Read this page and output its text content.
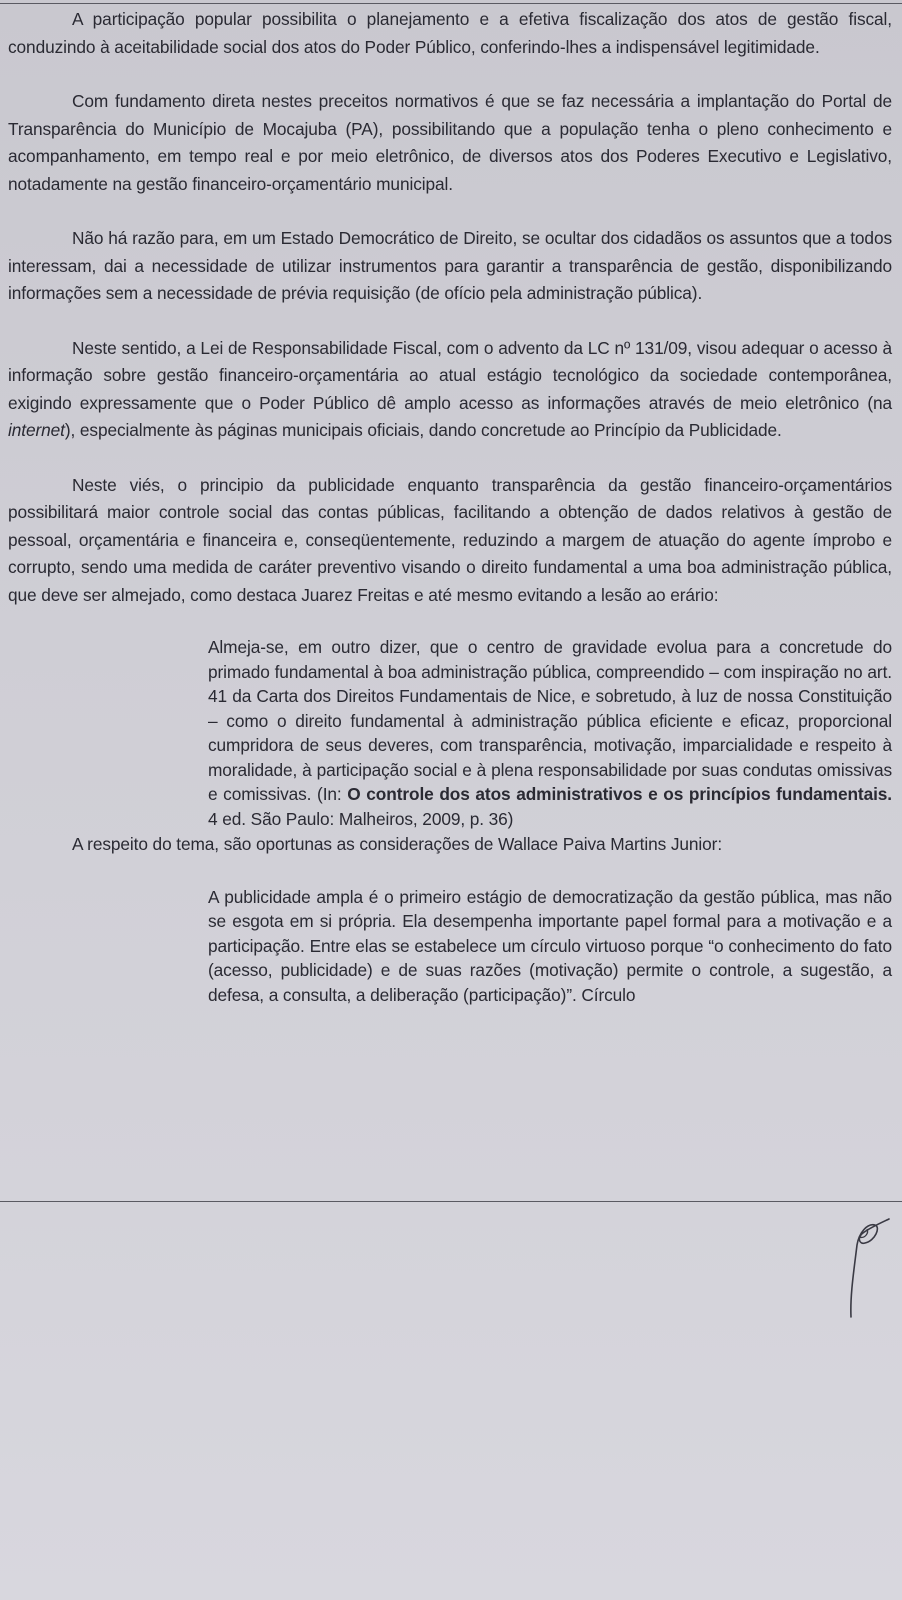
A participação popular possibilita o planejamento e a efetiva fiscalização dos atos de gestão fiscal, conduzindo à aceitabilidade social dos atos do Poder Público, conferindo-lhes a indispensável legitimidade.

Com fundamento direta nestes preceitos normativos é que se faz necessária a implantação do Portal de Transparência do Município de Mocajuba (PA), possibilitando que a população tenha o pleno conhecimento e acompanhamento, em tempo real e por meio eletrônico, de diversos atos dos Poderes Executivo e Legislativo, notadamente na gestão financeiro-orçamentário municipal.

Não há razão para, em um Estado Democrático de Direito, se ocultar dos cidadãos os assuntos que a todos interessam, dai a necessidade de utilizar instrumentos para garantir a transparência de gestão, disponibilizando informações sem a necessidade de prévia requisição (de ofício pela administração pública).

Neste sentido, a Lei de Responsabilidade Fiscal, com o advento da LC nº 131/09, visou adequar o acesso à informação sobre gestão financeiro-orçamentária ao atual estágio tecnológico da sociedade contemporânea, exigindo expressamente que o Poder Público dê amplo acesso as informações através de meio eletrônico (na internet), especialmente às páginas municipais oficiais, dando concretude ao Princípio da Publicidade.

Neste viés, o principio da publicidade enquanto transparência da gestão financeiro-orçamentários possibilitará maior controle social das contas públicas, facilitando a obtenção de dados relativos à gestão de pessoal, orçamentária e financeira e, conseqüentemente, reduzindo a margem de atuação do agente ímprobo e corrupto, sendo uma medida de caráter preventivo visando o direito fundamental a uma boa administração pública, que deve ser almejado, como destaca Juarez Freitas e até mesmo evitando a lesão ao erário:

Almeja-se, em outro dizer, que o centro de gravidade evolua para a concretude do primado fundamental à boa administração pública, compreendido – com inspiração no art. 41 da Carta dos Direitos Fundamentais de Nice, e sobretudo, à luz de nossa Constituição – como o direito fundamental à administração pública eficiente e eficaz, proporcional cumpridora de seus deveres, com transparência, motivação, imparcialidade e respeito à moralidade, à participação social e à plena responsabilidade por suas condutas omissivas e comissivas. (In: O controle dos atos administrativos e os princípios fundamentais. 4 ed. São Paulo: Malheiros, 2009, p. 36)

A respeito do tema, são oportunas as considerações de Wallace Paiva Martins Junior:

A publicidade ampla é o primeiro estágio de democratização da gestão pública, mas não se esgota em si própria. Ela desempenha importante papel formal para a motivação e a participação. Entre elas se estabelece um círculo virtuoso porque “o conhecimento do fato (acesso, publicidade) e de suas razões (motivação) permite o controle, a sugestão, a defesa, a consulta, a deliberação (participação)”. Círculo
